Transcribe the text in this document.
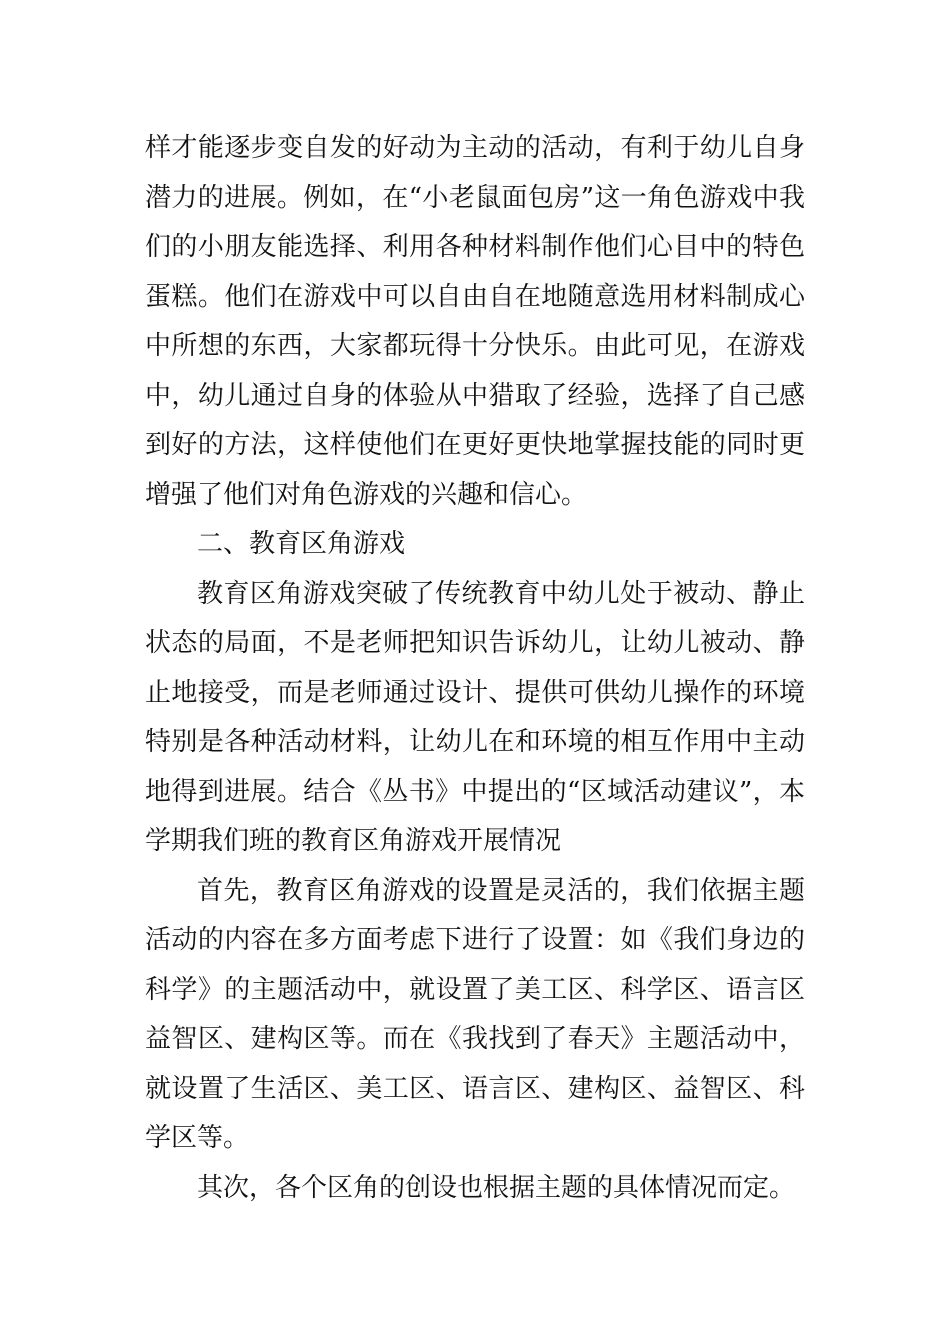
样才能逐步变自发的好动为主动的活动，有利于幼儿自身潜力的进展。例如，在“小老鼠面包房”这一角色游戏中我们的小朋友能选择、利用各种材料制作他们心目中的特色蛋糕。他们在游戏中可以自由自在地随意选用材料制成心中所想的东西，大家都玩得十分快乐。由此可见，在游戏中，幼儿通过自身的体验从中猎取了经验，选择了自己感到好的方法，这样使他们在更好更快地掌握技能的同时更增强了他们对角色游戏的兴趣和信心。

二、教育区角游戏

教育区角游戏突破了传统教育中幼儿处于被动、静止状态的局面，不是老师把知识告诉幼儿，让幼儿被动、静止地接受，而是老师通过设计、提供可供幼儿操作的环境特别是各种活动材料，让幼儿在和环境的相互作用中主动地得到进展。结合《丛书》中提出的“区域活动建议”，本学期我们班的教育区角游戏开展情况

首先，教育区角游戏的设置是灵活的，我们依据主题活动的内容在多方面考虑下进行了设置：如《我们身边的科学》的主题活动中，就设置了美工区、科学区、语言区益智区、建构区等。而在《我找到了春天》主题活动中，就设置了生活区、美工区、语言区、建构区、益智区、科学区等。

其次，各个区角的创设也根据主题的具体情况而定。
